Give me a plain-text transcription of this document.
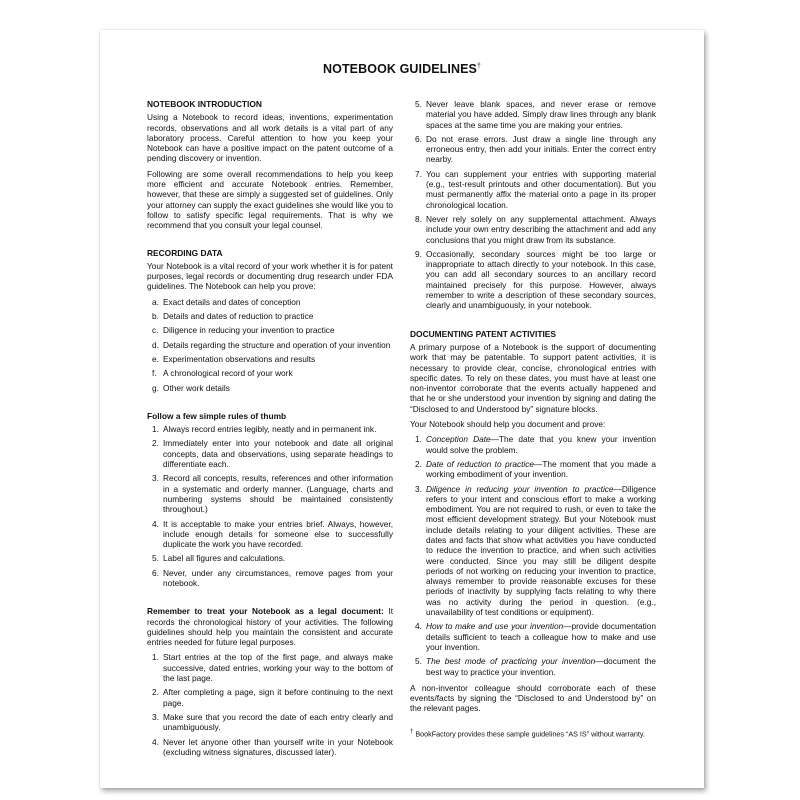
NOTEBOOK GUIDELINES†
NOTEBOOK INTRODUCTION

Using a Notebook to record ideas, inventions, experimentation records, observations and all work details is a vital part of any laboratory process. Careful attention to how you keep your Notebook can have a positive impact on the patent outcome of a pending discovery or invention.

Following are some overall recommendations to help you keep more efficient and accurate Notebook entries. Remember, however, that these are simply a suggested set of guidelines. Only your attorney can supply the exact guidelines she would like you to follow to satisfy specific legal requirements. That is why we recommend that you consult your legal counsel.

RECORDING DATA

Your Notebook is a vital record of your work whether it is for patent purposes, legal records or documenting drug research under FDA guidelines. The Notebook can help you prove:

a. Exact details and dates of conception
b. Details and dates of reduction to practice
c. Diligence in reducing your invention to practice
d. Details regarding the structure and operation of your invention
e. Experimentation observations and results
f. A chronological record of your work
g. Other work details
Follow a few simple rules of thumb
1. Always record entries legibly, neatly and in permanent ink.
2. Immediately enter into your notebook and date all original concepts, data and observations, using separate headings to differentiate each.
3. Record all concepts, results, references and other information in a systematic and orderly manner. (Language, charts and numbering systems should be maintained consistently throughout.)
4. It is acceptable to make your entries brief. Always, however, include enough details for someone else to successfully duplicate the work you have recorded.
5. Label all figures and calculations.
6. Never, under any circumstances, remove pages from your notebook.

Remember to treat your Notebook as a legal document: It records the chronological history of your activities. The following guidelines should help you maintain the consistent and accurate entries needed for future legal purposes.

1. Start entries at the top of the first page, and always make successive, dated entries, working your way to the bottom of the last page.
2. After completing a page, sign it before continuing to the next page.
3. Make sure that you record the date of each entry clearly and unambiguously.
4. Never let anyone other than yourself write in your Notebook (excluding witness signatures, discussed later).
5. Never leave blank spaces, and never erase or remove material you have added. Simply draw lines through any blank spaces at the same time you are making your entries.
6. Do not erase errors. Just draw a single line through any erroneous entry, then add your initials. Enter the correct entry nearby.
7. You can supplement your entries with supporting material (e.g., test-result printouts and other documentation). But you must permanently affix the material onto a page in its proper chronological location.
8. Never rely solely on any supplemental attachment. Always include your own entry describing the attachment and add any conclusions that you might draw from its substance.
9. Occasionally, secondary sources might be too large or inappropriate to attach directly to your notebook. In this case, you can add all secondary sources to an ancillary record maintained precisely for this purpose. However, always remember to write a description of these secondary sources, clearly and unambiguously, in your notebook.
DOCUMENTING PATENT ACTIVITIES

A primary purpose of a Notebook is the support of documenting work that may be patentable. To support patent activities, it is necessary to provide clear, concise, chronological entries with specific dates. To rely on these dates, you must have at least one non-inventor corroborate that the events actually happened and that he or she understood your invention by signing and dating the “Disclosed to and Understood by” signature blocks.

Your Notebook should help you document and prove:

1. Conception Date—The date that you knew your invention would solve the problem.
2. Date of reduction to practice—The moment that you made a working embodiment of your invention.
3. Diligence in reducing your invention to practice—Diligence refers to your intent and conscious effort to make a working embodiment. You are not required to rush, or even to take the most efficient development strategy. But your Notebook must include details relating to your diligent activities. These are dates and facts that show what activities you have conducted to reduce the invention to practice, and when such activities were conducted. Since you may still be diligent despite periods of not working on reducing your invention to practice, always remember to provide reasonable excuses for these periods of inactivity by supplying facts relating to why there was no activity during the period in question. (e.g., unavailability of test conditions or equipment).
4. How to make and use your invention—provide documentation details sufficient to teach a colleague how to make and use your invention.
5. The best mode of practicing your invention—document the best way to practice your invention.

A non-inventor colleague should corroborate each of these events/facts by signing the “Disclosed to and Understood by” on the relevant pages.

† BookFactory provides these sample guidelines “AS IS” without warranty.
